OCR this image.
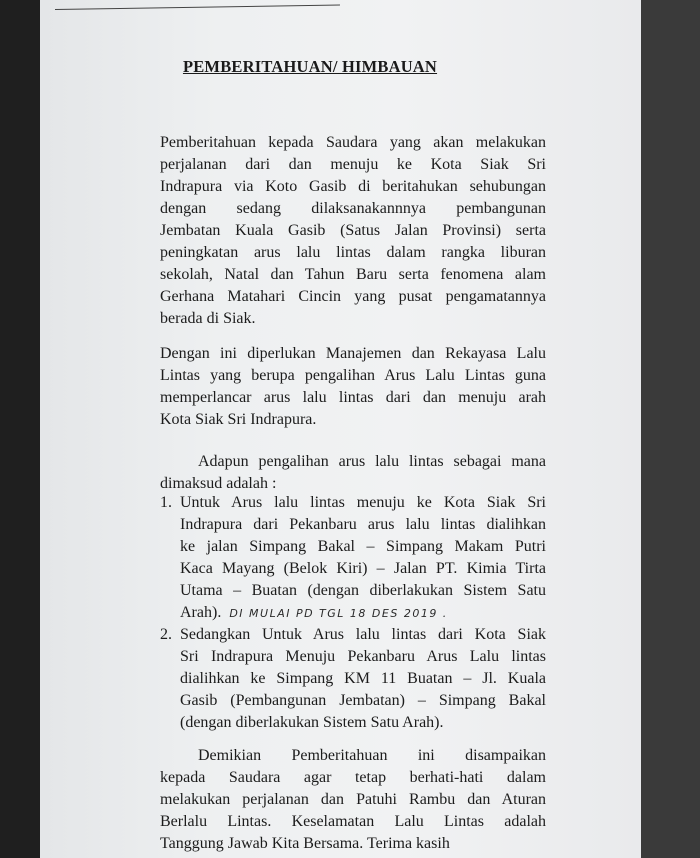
PEMBERITAHUAN/ HIMBAUAN
Pemberitahuan kepada Saudara yang akan melakukan
perjalanan dari dan menuju ke Kota Siak Sri
Indrapura via Koto Gasib di beritahukan sehubungan
dengan sedang dilaksanakannnya pembangunan
Jembatan Kuala Gasib (Satus Jalan Provinsi) serta
peningkatan arus lalu lintas dalam rangka liburan
sekolah, Natal dan Tahun Baru serta fenomena alam
Gerhana Matahari Cincin yang pusat pengamatannya
berada di Siak.
Dengan ini diperlukan Manajemen dan Rekayasa Lalu
Lintas yang berupa pengalihan Arus Lalu Lintas guna
memperlancar arus lalu lintas dari dan menuju arah
Kota Siak Sri Indrapura.
Adapun pengalihan arus lalu lintas sebagai mana
dimaksud adalah :
1. Untuk Arus lalu lintas menuju ke Kota Siak Sri
Indrapura dari Pekanbaru arus lalu lintas dialihkan
ke jalan Simpang Bakal – Simpang Makam Putri
Kaca Mayang (Belok Kiri) – Jalan PT. Kimia Tirta
Utama – Buatan (dengan diberlakukan Sistem Satu
Arah). DI MULAI PD TGL 18 DES 2019 .
2. Sedangkan Untuk Arus lalu lintas dari Kota Siak
Sri Indrapura Menuju Pekanbaru Arus Lalu lintas
dialihkan ke Simpang KM 11 Buatan – Jl. Kuala
Gasib (Pembangunan Jembatan) – Simpang Bakal
(dengan diberlakukan Sistem Satu Arah).
Demikian Pemberitahuan ini disampaikan
kepada Saudara agar tetap berhati-hati dalam
melakukan perjalanan dan Patuhi Rambu dan Aturan
Berlalu Lintas. Keselamatan Lalu Lintas adalah
Tanggung Jawab Kita Bersama. Terima kasih
